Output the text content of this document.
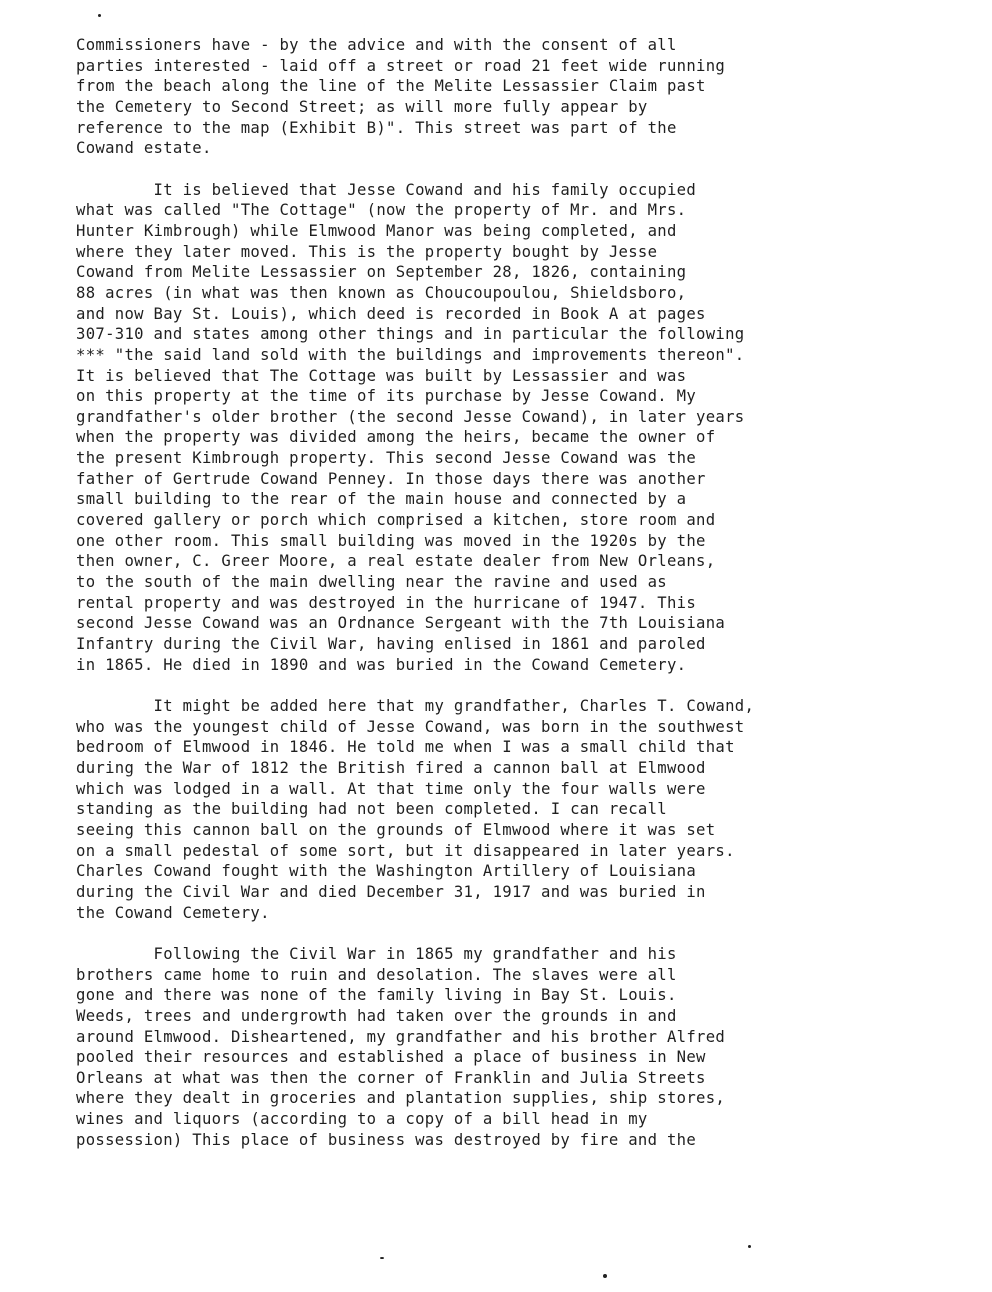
Commissioners have - by the advice and with the consent of all
parties interested - laid off a street or road 21 feet wide running
from the beach along the line of the Melite Lessassier Claim past
the Cemetery to Second Street; as will more fully appear by
reference to the map (Exhibit B)". This street was part of the
Cowand estate.

It is believed that Jesse Cowand and his family occupied
what was called "The Cottage" (now the property of Mr. and Mrs.
Hunter Kimbrough) while Elmwood Manor was being completed, and
where they later moved. This is the property bought by Jesse
Cowand from Melite Lessassier on September 28, 1826, containing
88 acres (in what was then known as Choucoupoulou, Shieldsboro,
and now Bay St. Louis), which deed is recorded in Book A at pages
307-310 and states among other things and in particular the following
*** "the said land sold with the buildings and improvements thereon".
It is believed that The Cottage was built by Lessassier and was
on this property at the time of its purchase by Jesse Cowand. My
grandfather's older brother (the second Jesse Cowand), in later years
when the property was divided among the heirs, became the owner of
the present Kimbrough property. This second Jesse Cowand was the
father of Gertrude Cowand Penney. In those days there was another
small building to the rear of the main house and connected by a
covered gallery or porch which comprised a kitchen, store room and
one other room. This small building was moved in the 1920s by the
then owner, C. Greer Moore, a real estate dealer from New Orleans,
to the south of the main dwelling near the ravine and used as
rental property and was destroyed in the hurricane of 1947. This
second Jesse Cowand was an Ordnance Sergeant with the 7th Louisiana
Infantry during the Civil War, having enlised in 1861 and paroled
in 1865. He died in 1890 and was buried in the Cowand Cemetery.

It might be added here that my grandfather, Charles T. Cowand,
who was the youngest child of Jesse Cowand, was born in the southwest
bedroom of Elmwood in 1846. He told me when I was a small child that
during the War of 1812 the British fired a cannon ball at Elmwood
which was lodged in a wall. At that time only the four walls were
standing as the building had not been completed. I can recall
seeing this cannon ball on the grounds of Elmwood where it was set
on a small pedestal of some sort, but it disappeared in later years.
Charles Cowand fought with the Washington Artillery of Louisiana
during the Civil War and died December 31, 1917 and was buried in
the Cowand Cemetery.

Following the Civil War in 1865 my grandfather and his
brothers came home to ruin and desolation. The slaves were all
gone and there was none of the family living in Bay St. Louis.
Weeds, trees and undergrowth had taken over the grounds in and
around Elmwood. Disheartened, my grandfather and his brother Alfred
pooled their resources and established a place of business in New
Orleans at what was then the corner of Franklin and Julia Streets
where they dealt in groceries and plantation supplies, ship stores,
wines and liquors (according to a copy of a bill head in my
possession) This place of business was destroyed by fire and the
